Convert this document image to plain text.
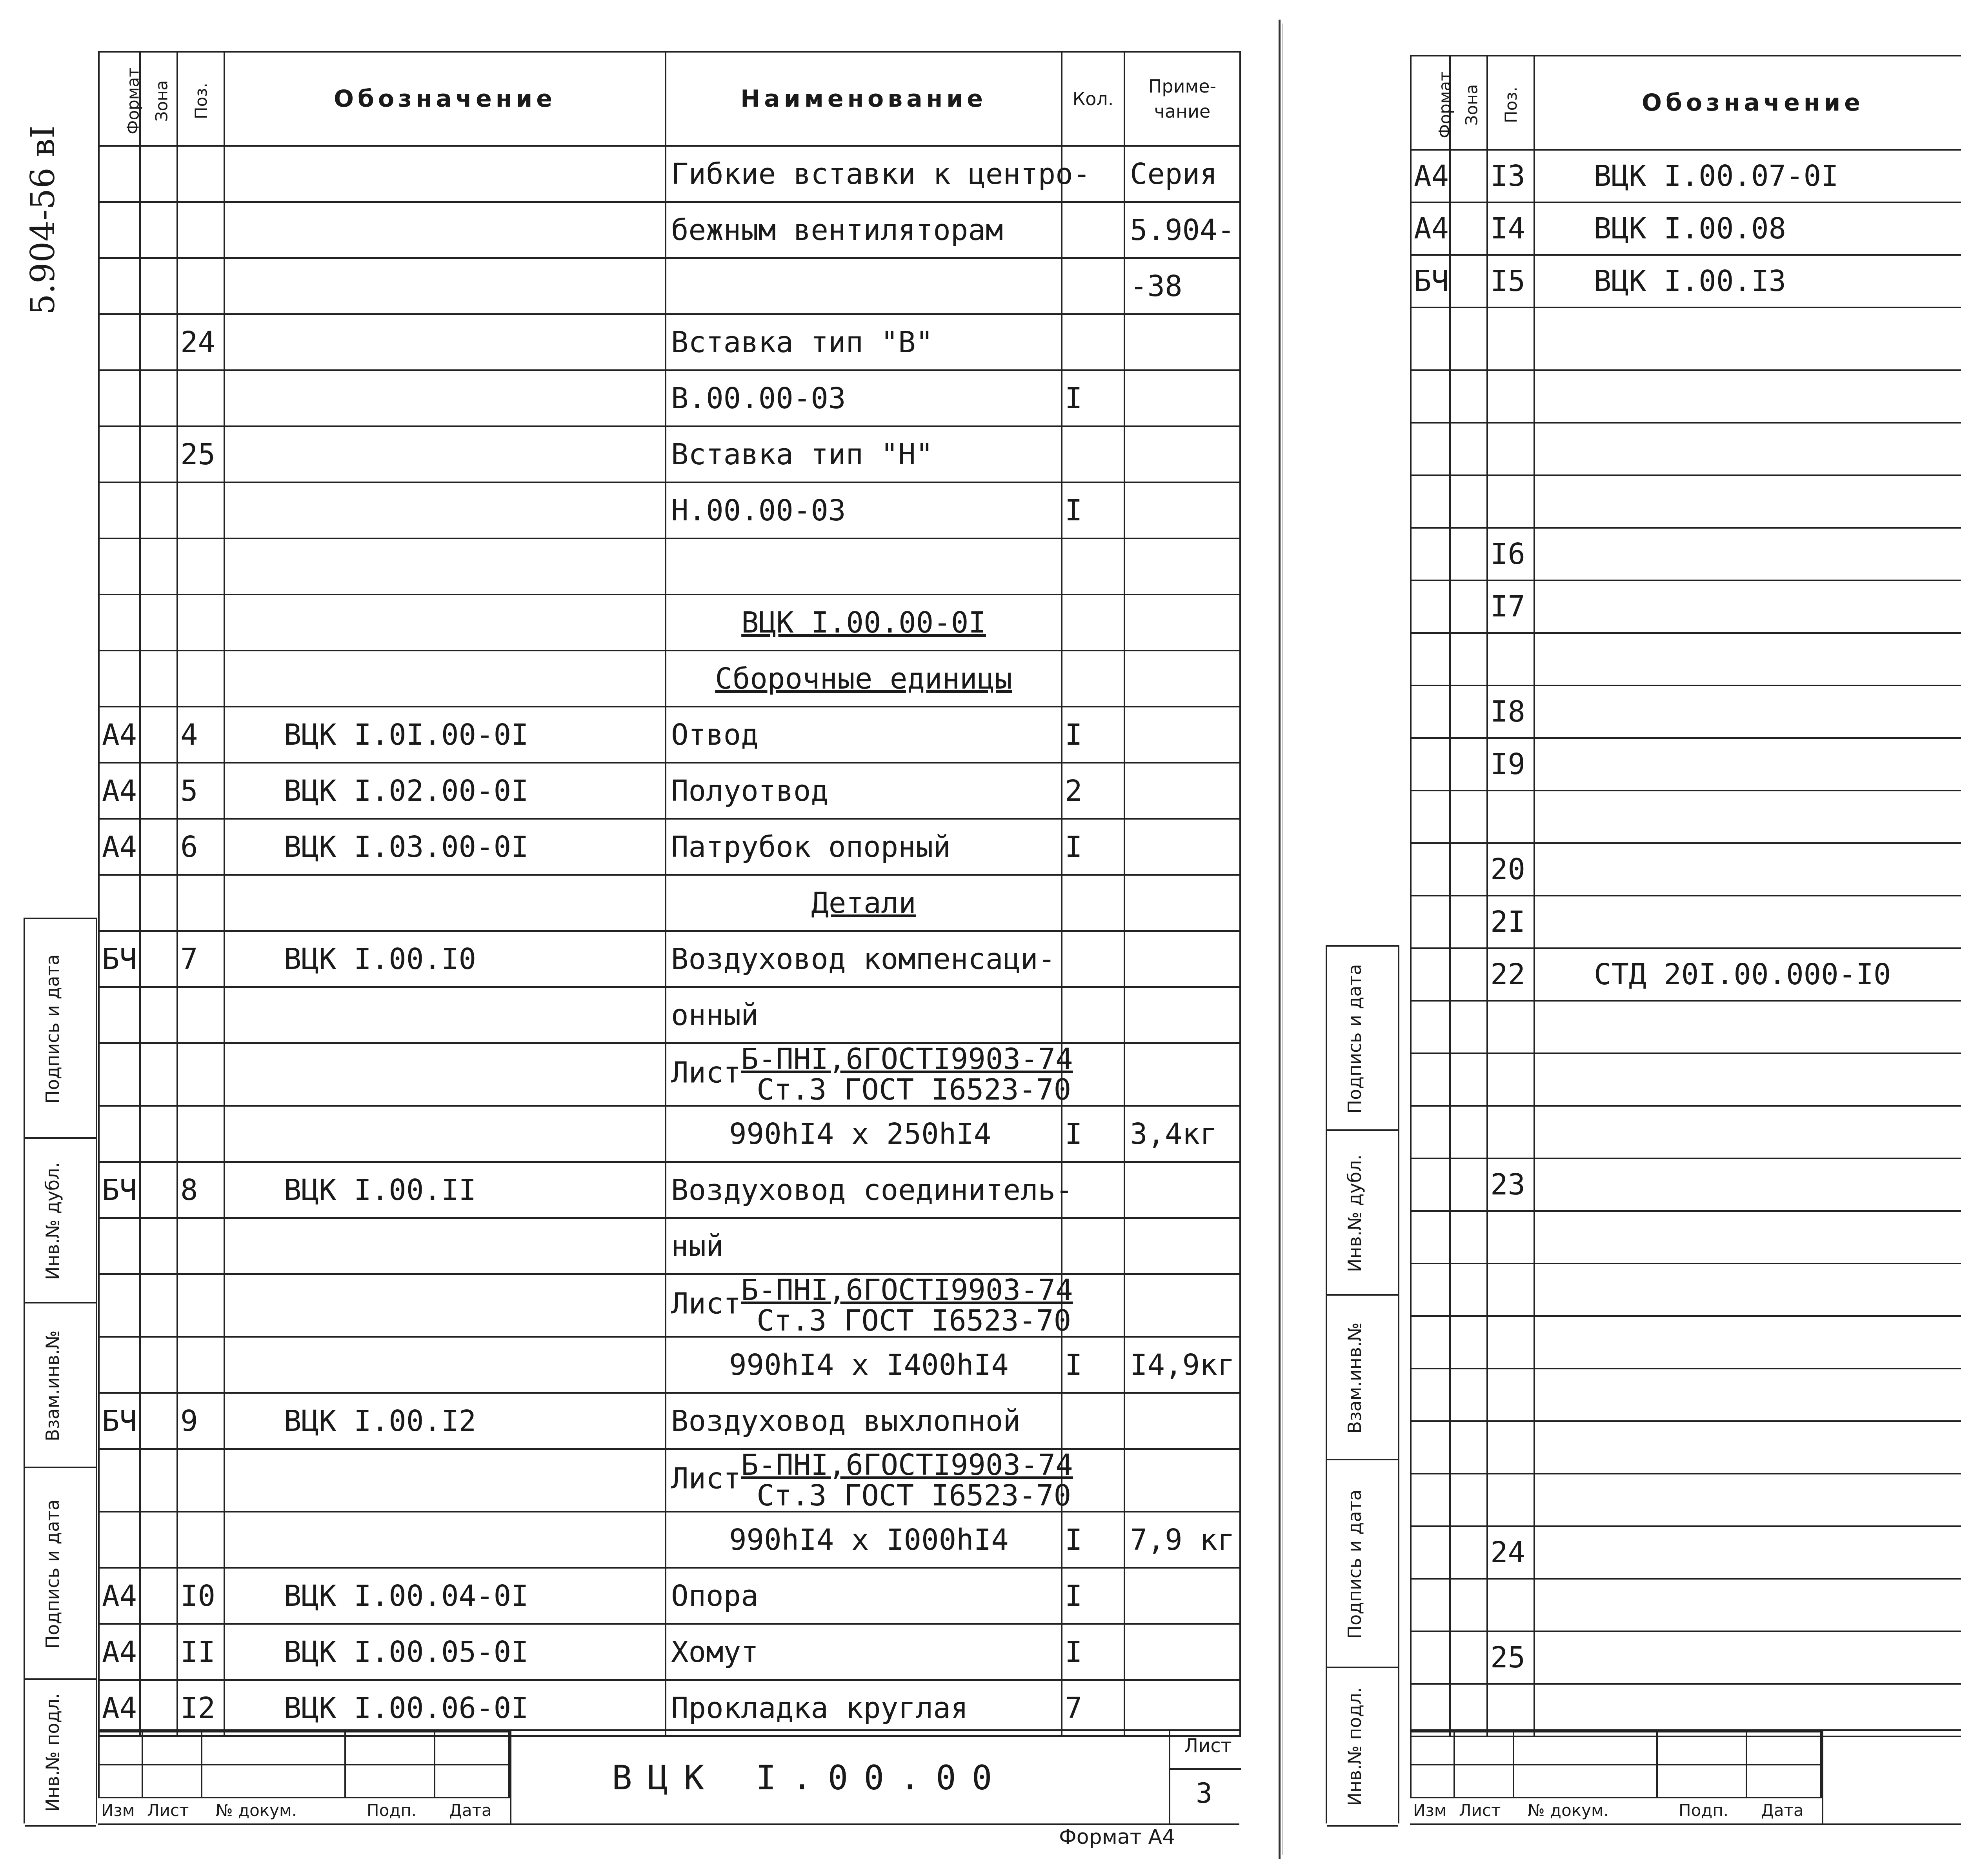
5.904-56 вI
Подпись и дата
Инв.№ дубл.
Взам.инв.№
Подпись и дата
Инв.№ подл.
Формат	Зона	Поз.	Обозначение	Наименование	Кол.	Приме-
чание
				Гибкие вставки к центро-		Серия
				бежным вентиляторам		5.904-
						-38
		24		Вставка тип "В"		
				В.00.00-03	I	
		25		Вставка тип "Н"		
				Н.00.00-03	I	

				ВЦК I.00.00-0I		
				Сборочные единицы		
А4		4	ВЦК I.0I.00-0I	Отвод	I	
А4		5	ВЦК I.02.00-0I	Полуотвод	2	
А4		6	ВЦК I.03.00-0I	Патрубок опорный	I	
				Детали		
БЧ		7	ВЦК I.00.I0	Воздуховод компенсаци-		
				онный		
				Лист $\frac{\text{Б-ПНI,6ГОСТI9903-74}}{\text{Ст.3 ГОСТ I6523-70}}$

				990hI4 x 250hI4	I	3,4кг
БЧ		8	ВЦК I.00.II	Воздуховод соединитель-		
				ный		
				Лист $\frac{\text{Б-ПНI,6ГОСТI9903-74}}{\text{Ст.3 ГОСТ I6523-70}}$

				990hI4 x I400hI4	I	I4,9кг
БЧ		9	ВЦК I.00.I2	Воздуховод выхлопной		
				Лист $\frac{\text{Б-ПНI,6ГОСТI9903-74}}{\text{Ст.3 ГОСТ I6523-70}}$

				990hI4 x I000hI4	I	7,9 кг
А4		I0	ВЦК I.00.04-0I	Опора	I	
А4		II	ВЦК I.00.05-0I	Хомут	I	
А4		I2	ВЦК I.00.06-0I	Прокладка круглая	7	

Изм Лист № докум.	Подп. Дата
ВЦК I.00.00
Лист
3
Формат А4
Подпись и дата
Инв.№ дубл.
Взам.инв.№
Подпись и дата
Инв.№ подл.
Формат	Зона	Поз.	Обозначение			

А4		I3	ВЦК I.00.07-0I			
А4		I4	ВЦК I.00.08			
БЧ		I5	ВЦК I.00.I3			

		I6				
		I7				

		I8				
		I9				

		20				
		2I				
		22	СТД 20I.00.000-I0			

		23				

		24				

		25				

Изм Лист № докум.	Подп. Дата
